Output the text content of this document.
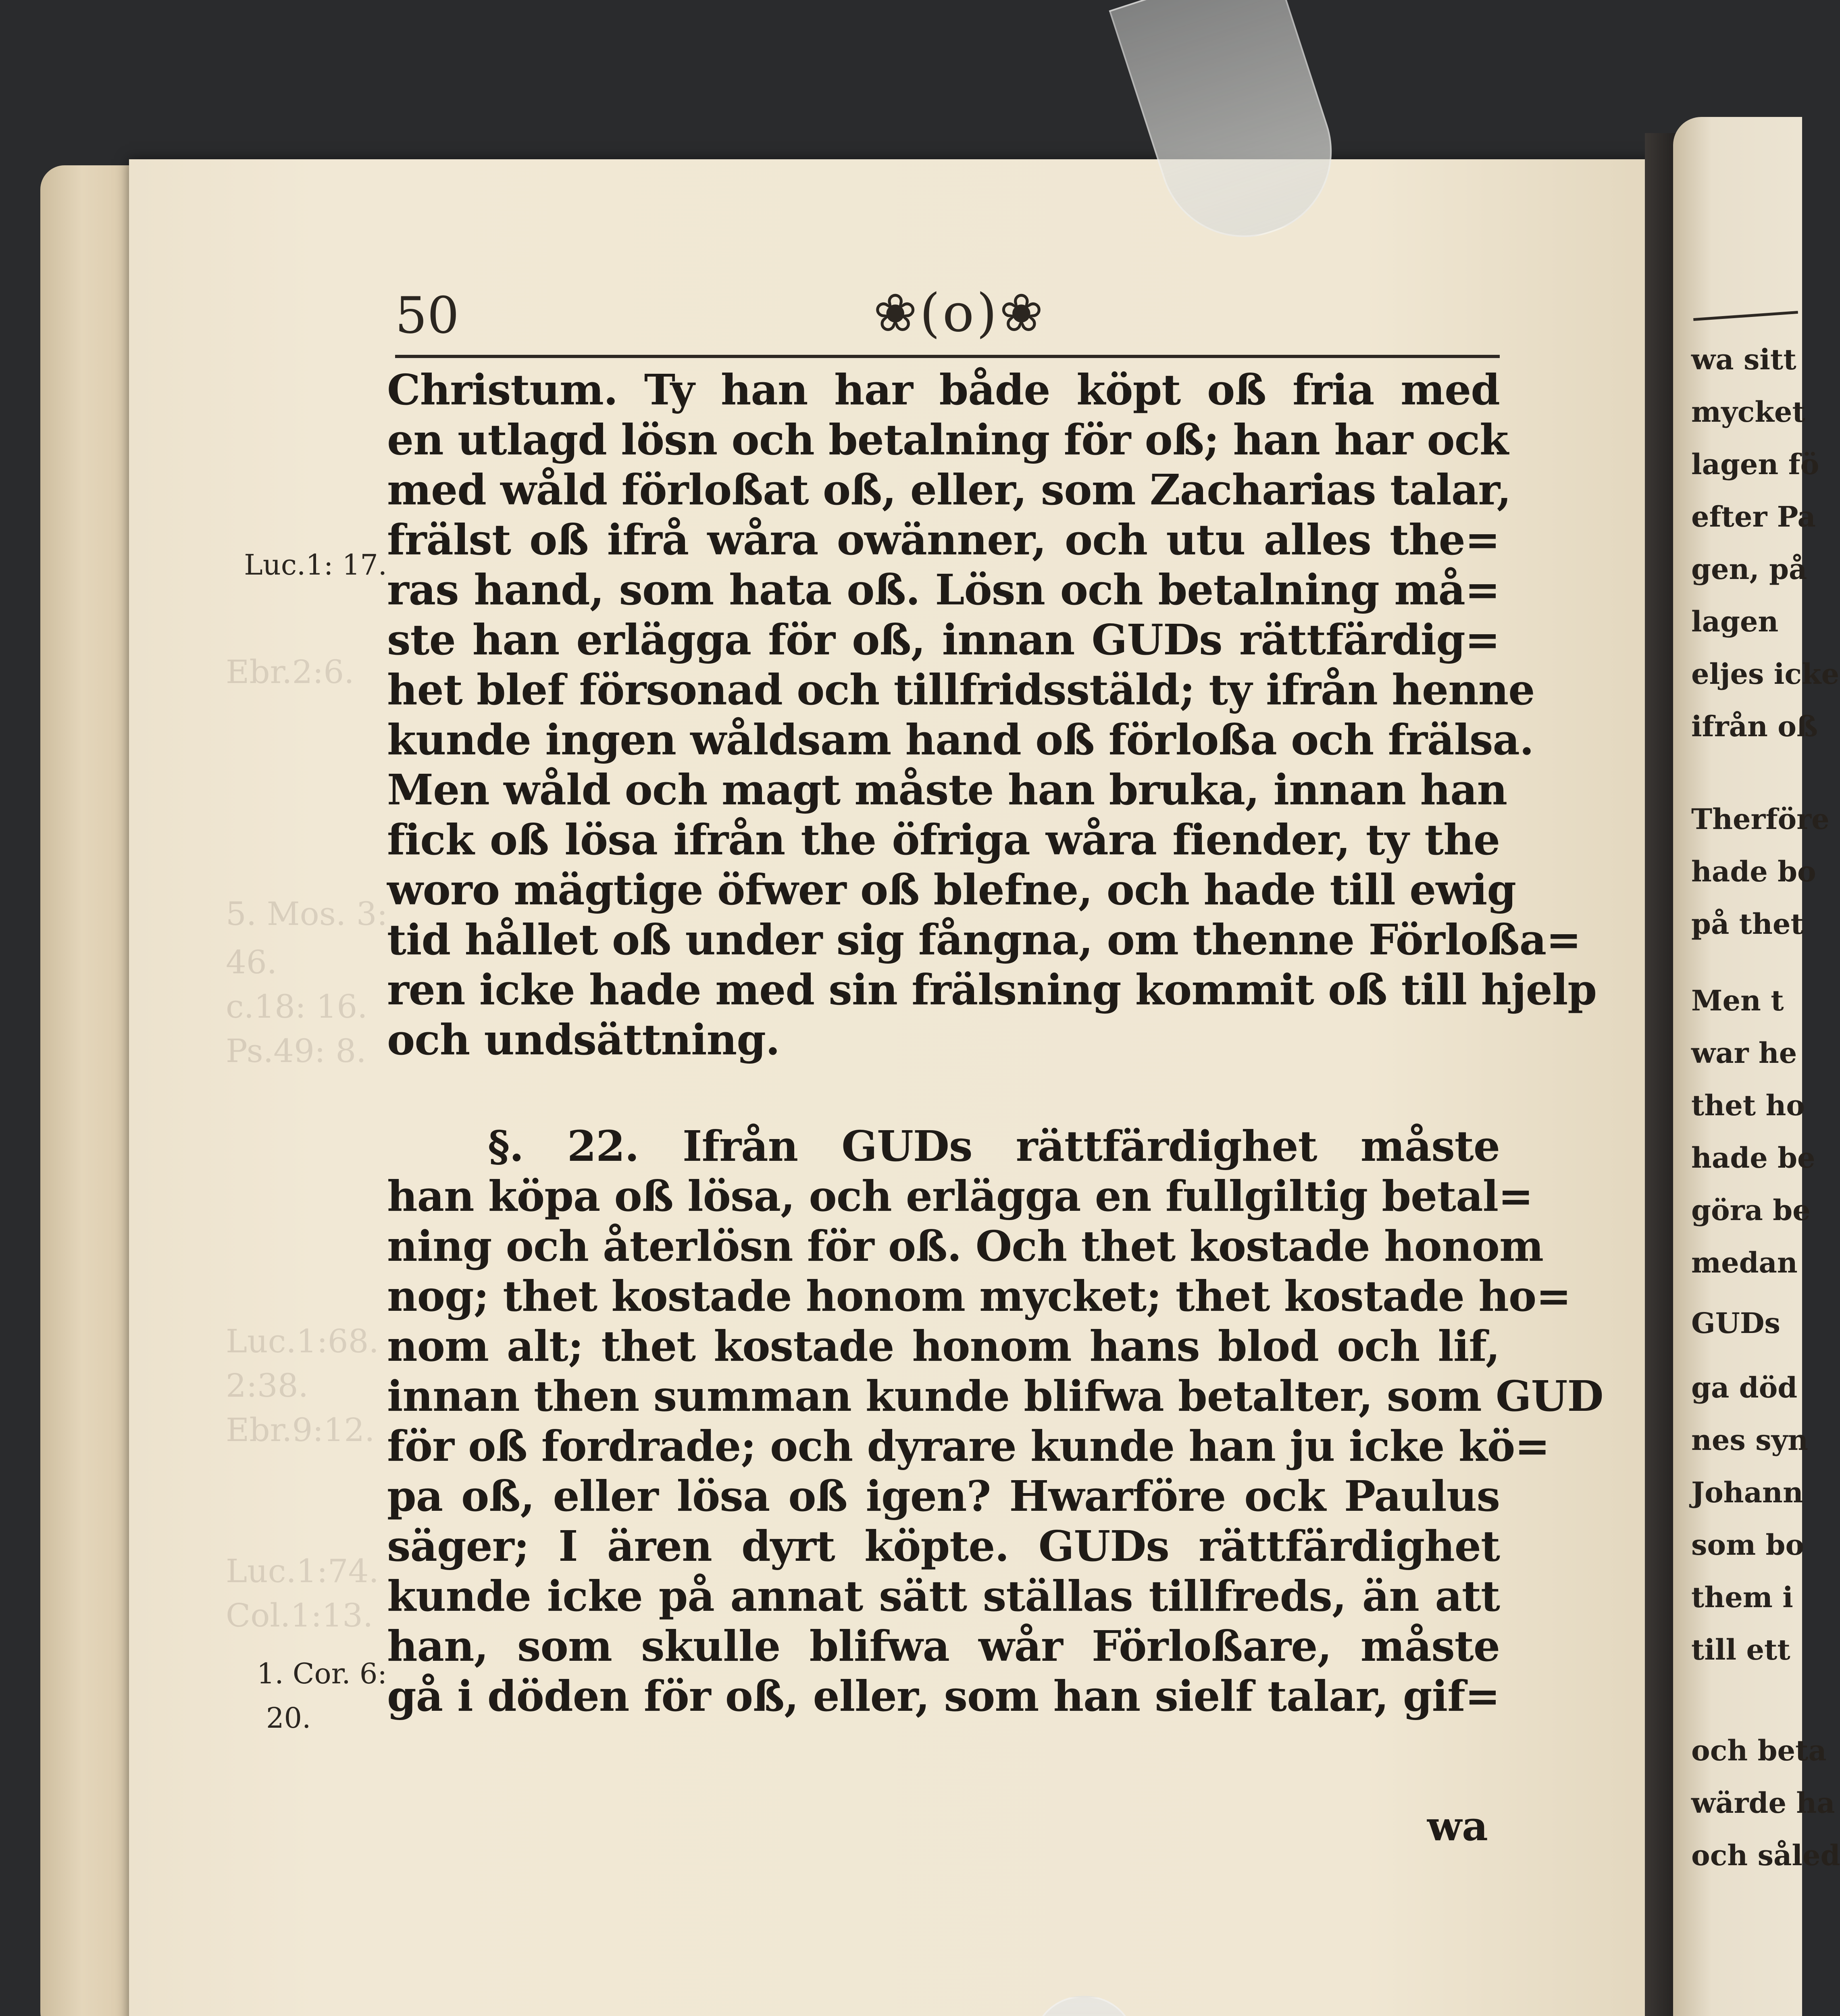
Ebr.2:6.
5. Mos. 3:
46.
c.18: 16.
Ps.49: 8.
Luc.1:68.
2:38.
Ebr.9:12.
Luc.1:74.
Col.1:13.
50	❀(o)❀
Luc.1: 17.
1. Cor. 6:
20.
Christum. Ty han har både köpt oß fria med
en utlagd lösn och betalning för oß; han har ock
med wåld förloßat oß, eller, som Zacharias talar,
frälst oß ifrå wåra owänner, och utu alles the=
ras hand, som hata oß. Lösn och betalning må=
ste han erlägga för oß, innan GUDs rättfärdig=
het blef försonad och tillfridsstäld; ty ifrån henne
kunde ingen wåldsam hand oß förloßa och frälsa.
Men wåld och magt måste han bruka, innan han
fick oß lösa ifrån the öfriga wåra fiender, ty the
woro mägtige öfwer oß blefne, och hade till ewig
tid hållet oß under sig fångna, om thenne Förloßa=
ren icke hade med sin frälsning kommit oß till hjelp
och undsättning.
§. 22. Ifrån GUDs rättfärdighet måste
han köpa oß lösa, och erlägga en fullgiltig betal=
ning och återlösn för oß. Och thet kostade honom
nog; thet kostade honom mycket; thet kostade ho=
nom alt; thet kostade honom hans blod och lif,
innan then summan kunde blifwa betalter, som GUD
för oß fordrade; och dyrare kunde han ju icke kö=
pa oß, eller lösa oß igen? Hwarföre ock Paulus
säger; I ären dyrt köpte. GUDs rättfärdighet
kunde icke på annat sätt ställas tillfreds, än att
han, som skulle blifwa wår Förloßare, måste
gå i döden för oß, eller, som han sielf talar, gif=
wa
wa sitt
mycket
lagen fö
efter Pa
gen, på
lagen
eljes icke
ifrån oß
Therföre
hade bo
på thet
Men t
war he
thet ho
hade be
göra be
medan
GUDs
ga död
nes syn
Johann
som bo
them i
till ett
och beta
wärde ha
och såled
